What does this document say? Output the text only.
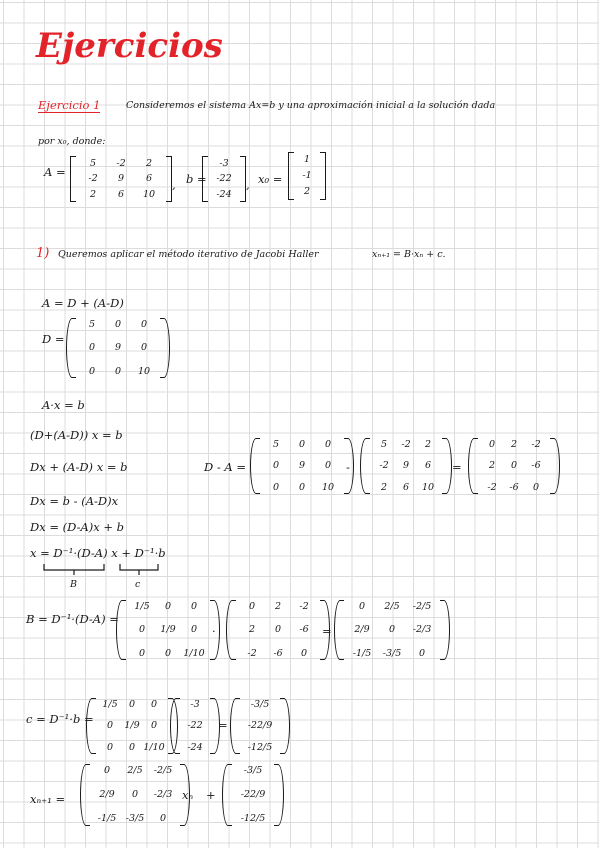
Ejercicios
Ejercicio 1	Consideremos el sistema Ax=b y una aproximación inicial a la solución dada
por x₀, donde:
A =
5 -2 2
-2 9 6
2 6 10
, b =
-3
-22
-24
, x₀ =
1
-1
2
1) Queremos aplicar el método iterativo de Jacobi Haller	xₙ₊₁ = B·xₙ + c.
A = D + (A-D)
D =
5 0 0
0 9 0
0 0 10
A·x = b
(D+(A-D)) x = b
Dx + (A-D) x = b
Dx = b - (A-D)x
Dx = (D-A)x + b
x = D⁻¹·(D-A) x + D⁻¹·b
B	c
D - A =
5 0 0
0 9 0
0 0 10
-
5 -2 2
-2 9 6
2 6 10
=
0 2 -2
2 0 -6
-2 -6 0
B = D⁻¹·(D-A) =
1/5 0 0
0 1/9 0
0 0 1/10
·
0 2 -2
2 0 -6
-2 -6 0
=
0 2/5 -2/5
2/9 0 -2/3
-1/5 -3/5 0
c = D⁻¹·b =
1/5 0 0
0 1/9 0
0 0 1/10
-3
-22
-24
=
-3/5
-22/9
-12/5
xₙ₊₁ =
0 2/5 -2/5
2/9 0 -2/3
-1/5 -3/5 0
xₙ +
-3/5
-22/9
-12/5
